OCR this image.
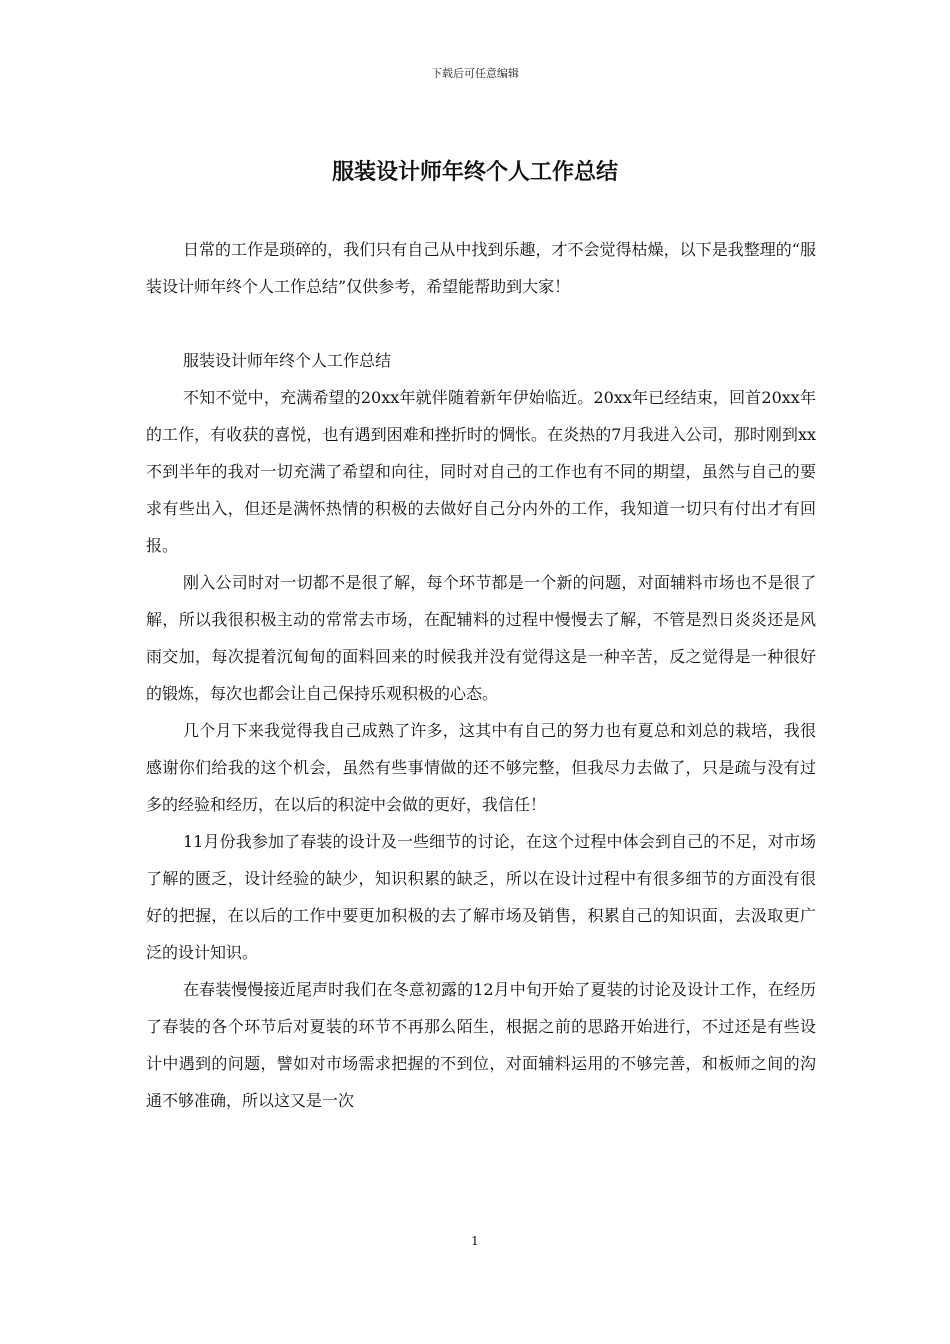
下载后可任意编辑
服装设计师年终个人工作总结

日常的工作是琐碎的，我们只有自己从中找到乐趣，才不会觉得枯燥，以下是我整理的“服装设计师年终个人工作总结”仅供参考，希望能帮助到大家！

服装设计师年终个人工作总结

不知不觉中，充满希望的20xx年就伴随着新年伊始临近。20xx年已经结束，回首20xx年的工作，有收获的喜悦，也有遇到困难和挫折时的惆怅。在炎热的7月我进入公司，那时刚到xx不到半年的我对一切充满了希望和向往，同时对自己的工作也有不同的期望，虽然与自己的要求有些出入，但还是满怀热情的积极的去做好自己分内外的工作，我知道一切只有付出才有回报。

刚入公司时对一切都不是很了解，每个环节都是一个新的问题，对面辅料市场也不是很了解，所以我很积极主动的常常去市场，在配辅料的过程中慢慢去了解，不管是烈日炎炎还是风雨交加，每次提着沉甸甸的面料回来的时候我并没有觉得这是一种辛苦，反之觉得是一种很好的锻炼，每次也都会让自己保持乐观积极的心态。

几个月下来我觉得我自己成熟了许多，这其中有自己的努力也有夏总和刘总的栽培，我很感谢你们给我的这个机会，虽然有些事情做的还不够完整，但我尽力去做了，只是疏与没有过多的经验和经历，在以后的积淀中会做的更好，我信任！

11月份我参加了春装的设计及一些细节的讨论，在这个过程中体会到自己的不足，对市场了解的匮乏，设计经验的缺少，知识积累的缺乏，所以在设计过程中有很多细节的方面没有很好的把握，在以后的工作中要更加积极的去了解市场及销售，积累自己的知识面，去汲取更广泛的设计知识。

在春装慢慢接近尾声时我们在冬意初露的12月中旬开始了夏装的讨论及设计工作，在经历了春装的各个环节后对夏装的环节不再那么陌生，根据之前的思路开始进行，不过还是有些设计中遇到的问题，譬如对市场需求把握的不到位，对面辅料运用的不够完善，和板师之间的沟通不够准确，所以这又是一次

1
